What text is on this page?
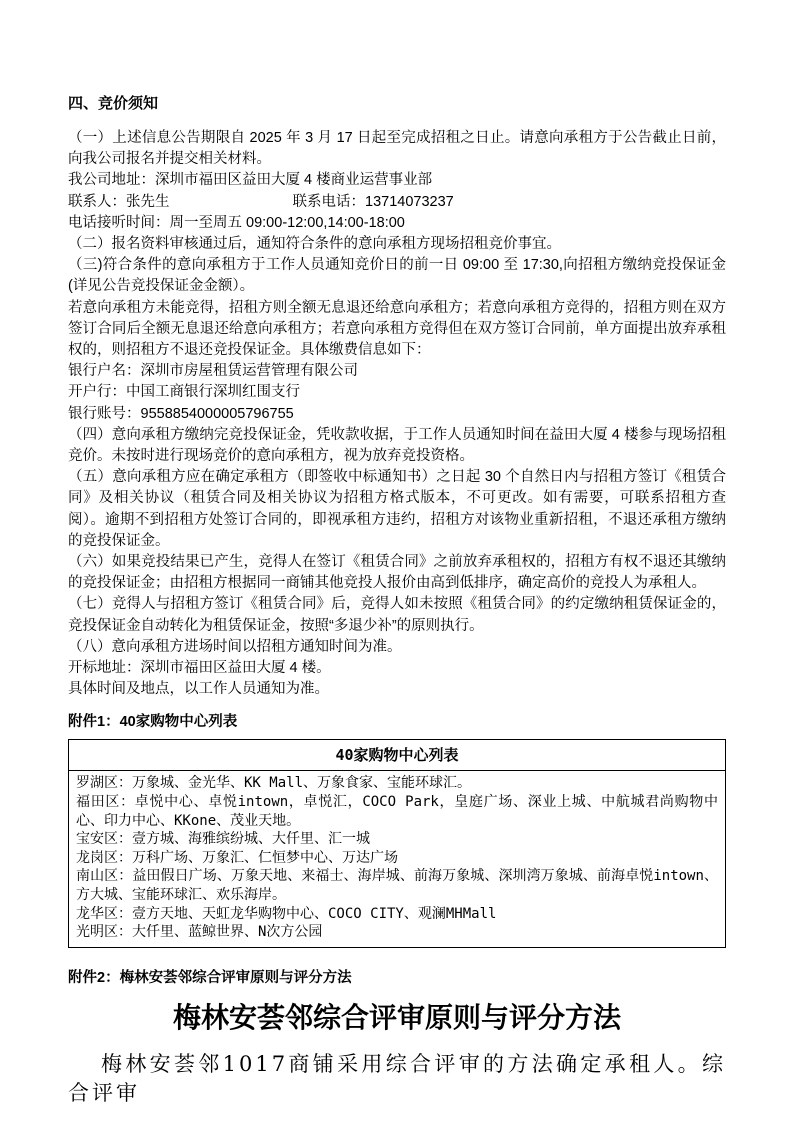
四、竞价须知

（一）上述信息公告期限自 2025 年 3 月 17 日起至完成招租之日止。请意向承租方于公告截止日前，向我公司报名并提交相关材料。

我公司地址：深圳市福田区益田大厦 4 楼商业运营事业部

联系人：张先生	联系电话：13714073237

电话接听时间：周一至周五 09:00-12:00,14:00-18:00

（二）报名资料审核通过后，通知符合条件的意向承租方现场招租竞价事宜。

（三)符合条件的意向承租方于工作人员通知竞价日的前一日 09:00 至 17:30,向招租方缴纳竞投保证金(详见公告竞投保证金金额）。

若意向承租方未能竞得，招租方则全额无息退还给意向承租方；若意向承租方竞得的，招租方则在双方签订合同后全额无息退还给意向承租方；若意向承租方竞得但在双方签订合同前，单方面提出放弃承租权的，则招租方不退还竞投保证金。具体缴费信息如下：

银行户名：深圳市房屋租赁运营管理有限公司

开户行：中国工商银行深圳红围支行

银行账号：9558854000005796755

（四）意向承租方缴纳完竞投保证金，凭收款收据，于工作人员通知时间在益田大厦 4 楼参与现场招租竞价。未按时进行现场竞价的意向承租方，视为放弃竞投资格。

（五）意向承租方应在确定承租方（即签收中标通知书）之日起 30 个自然日内与招租方签订《租赁合同》及相关协议（租赁合同及相关协议为招租方格式版本，不可更改。如有需要，可联系招租方查阅）。逾期不到招租方处签订合同的，即视承租方违约，招租方对该物业重新招租，不退还承租方缴纳的竞投保证金。

（六）如果竞投结果已产生，竞得人在签订《租赁合同》之前放弃承租权的，招租方有权不退还其缴纳的竞投保证金；由招租方根据同一商铺其他竞投人报价由高到低排序，确定高价的竞投人为承租人。

（七）竞得人与招租方签订《租赁合同》后，竞得人如未按照《租赁合同》的约定缴纳租赁保证金的，竞投保证金自动转化为租赁保证金，按照“多退少补”的原则执行。

（八）意向承租方进场时间以招租方通知时间为准。

开标地址：深圳市福田区益田大厦 4 楼。

具体时间及地点，以工作人员通知为准。

附件1：40家购物中心列表
40家购物中心列表

罗湖区：万象城、金光华、KK Mall、万象食家、宝能环球汇。
福田区：卓悦中心、卓悦intown，卓悦汇，COCO Park，皇庭广场、深业上城、中航城君尚购物中心、印力中心、KKone、茂业天地。
宝安区：壹方城、海雅缤纷城、大仟里、汇一城
龙岗区：万科广场、万象汇、仁恒梦中心、万达广场
南山区：益田假日广场、万象天地、来福士、海岸城、前海万象城、深圳湾万象城、前海卓悦intown、方大城、宝能环球汇、欢乐海岸。
龙华区：壹方天地、天虹龙华购物中心、COCO CITY、观澜MHMall
光明区：大仟里、蓝鲸世界、N次方公园
附件2：梅林安荟邻综合评审原则与评分方法
梅林安荟邻综合评审原则与评分方法

梅林安荟邻1017商铺采用综合评审的方法确定承租人。综合评审
